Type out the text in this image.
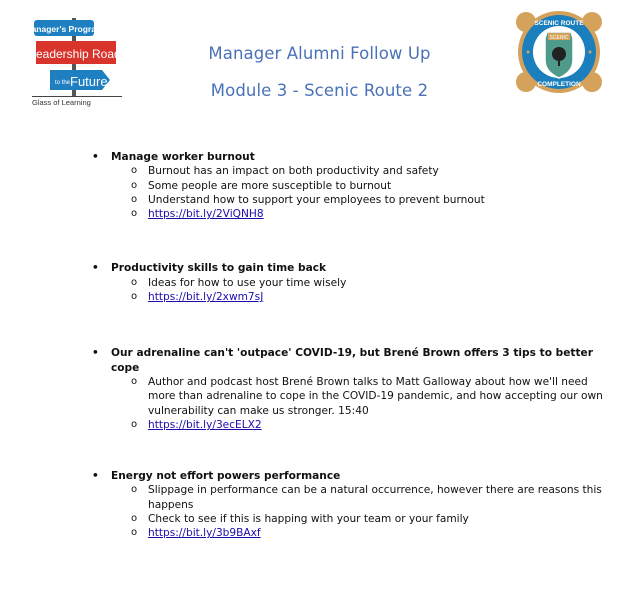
Manager's Program
Leadership Road
to the Future
Glass of Learning
Manager Alumni Follow Up
Module 3 - Scenic Route 2
SCENIC
SCENIC ROUTE
COMPLETION
• Manage worker burnout
o Burnout has an impact on both productivity and safety
o Some people are more susceptible to burnout
o Understand how to support your employees to prevent burnout
o https://bit.ly/2ViQNH8
• Productivity skills to gain time back
o Ideas for how to use your time wisely
o https://bit.ly/2xwm7sJ
• Our adrenaline can't 'outpace' COVID-19, but Brené Brown offers 3 tips to better cope
o Author and podcast host Brené Brown talks to Matt Galloway about how we'll need more than adrenaline to cope in the COVID-19 pandemic, and how accepting our own vulnerability can make us stronger. 15:40
o https://bit.ly/3ecELX2
• Energy not effort powers performance
o Slippage in performance can be a natural occurrence, however there are reasons this happens
o Check to see if this is happing with your team or your family
o https://bit.ly/3b9BAxf
